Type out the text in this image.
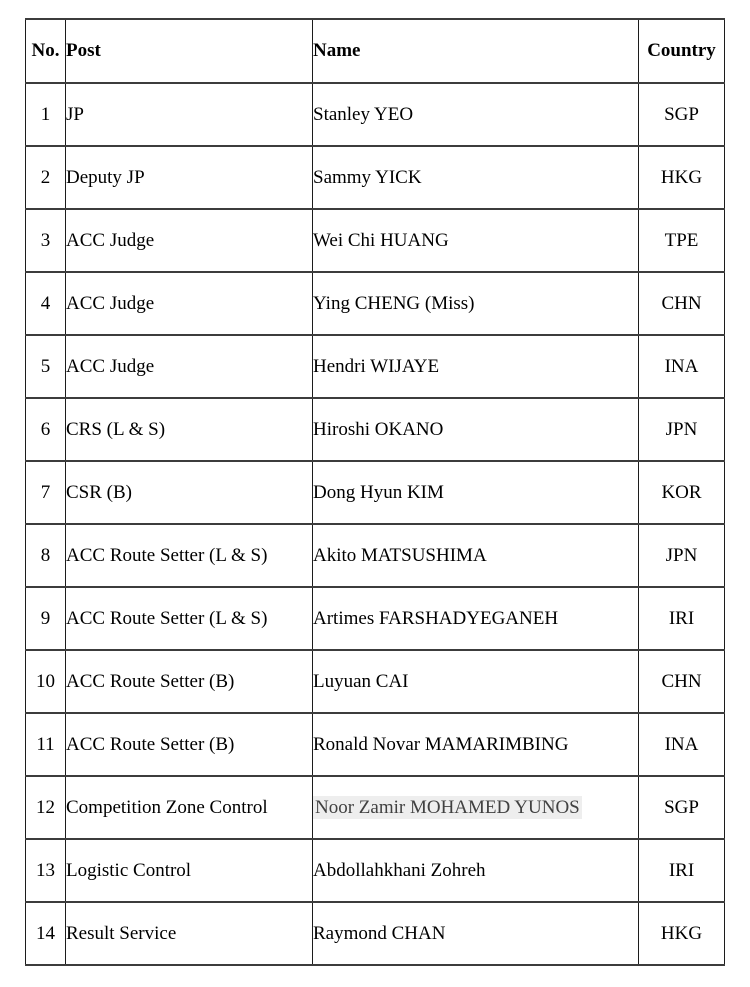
No.	Post	Name	Country
1	JP	Stanley YEO	SGP
2	Deputy JP	Sammy YICK	HKG
3	ACC Judge	Wei Chi HUANG	TPE
4	ACC Judge	Ying CHENG (Miss)	CHN
5	ACC Judge	Hendri WIJAYE	INA
6	CRS (L & S)	Hiroshi OKANO	JPN
7	CSR (B)	Dong Hyun KIM	KOR
8	ACC Route Setter (L & S)	Akito MATSUSHIMA	JPN
9	ACC Route Setter (L & S)	Artimes FARSHADYEGANEH	IRI
10	ACC Route Setter (B)	Luyuan CAI	CHN
11	ACC Route Setter (B)	Ronald Novar MAMARIMBING	INA
12	Competition Zone Control	Noor Zamir MOHAMED YUNOS	SGP
13	Logistic Control	Abdollahkhani Zohreh	IRI
14	Result Service	Raymond CHAN	HKG
